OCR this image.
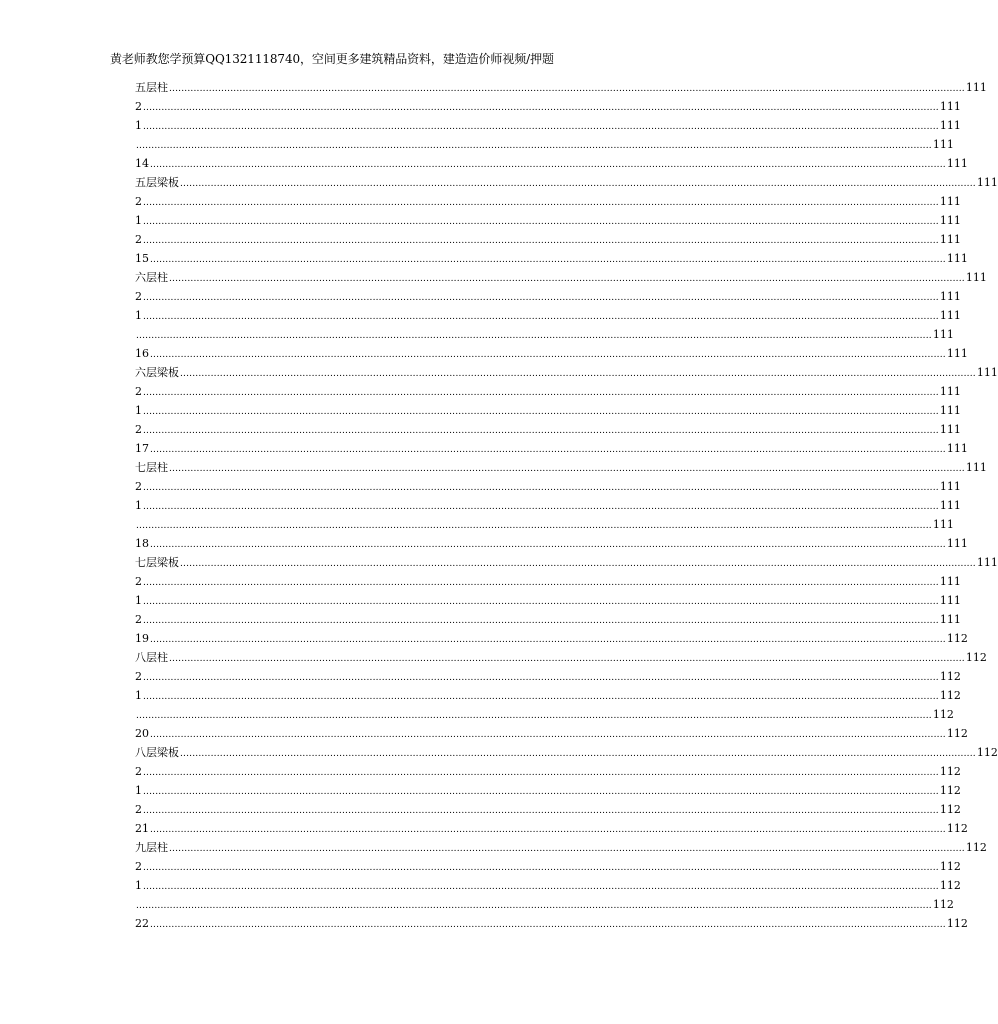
黄老师教您学预算QQ1321118740，空间更多建筑精品资料，建造造价师视频/押题
五层柱 .................................................................................................................................................................................................................................................................... 111
2 .................................................................................................................................................................................................................................................................... 111
1 .................................................................................................................................................................................................................................................................... 111
.................................................................................................................................................................................................................................................................... 111
14 .................................................................................................................................................................................................................................................................... 111
五层梁板 .................................................................................................................................................................................................................................................................... 111
2 .................................................................................................................................................................................................................................................................... 111
1 .................................................................................................................................................................................................................................................................... 111
2 .................................................................................................................................................................................................................................................................... 111
15 .................................................................................................................................................................................................................................................................... 111
六层柱 .................................................................................................................................................................................................................................................................... 111
2 .................................................................................................................................................................................................................................................................... 111
1 .................................................................................................................................................................................................................................................................... 111
.................................................................................................................................................................................................................................................................... 111
16 .................................................................................................................................................................................................................................................................... 111
六层梁板 .................................................................................................................................................................................................................................................................... 111
2 .................................................................................................................................................................................................................................................................... 111
1 .................................................................................................................................................................................................................................................................... 111
2 .................................................................................................................................................................................................................................................................... 111
17 .................................................................................................................................................................................................................................................................... 111
七层柱 .................................................................................................................................................................................................................................................................... 111
2 .................................................................................................................................................................................................................................................................... 111
1 .................................................................................................................................................................................................................................................................... 111
.................................................................................................................................................................................................................................................................... 111
18 .................................................................................................................................................................................................................................................................... 111
七层梁板 .................................................................................................................................................................................................................................................................... 111
2 .................................................................................................................................................................................................................................................................... 111
1 .................................................................................................................................................................................................................................................................... 111
2 .................................................................................................................................................................................................................................................................... 111
19 .................................................................................................................................................................................................................................................................... 112
八层柱 .................................................................................................................................................................................................................................................................... 112
2 .................................................................................................................................................................................................................................................................... 112
1 .................................................................................................................................................................................................................................................................... 112
.................................................................................................................................................................................................................................................................... 112
20 .................................................................................................................................................................................................................................................................... 112
八层梁板 .................................................................................................................................................................................................................................................................... 112
2 .................................................................................................................................................................................................................................................................... 112
1 .................................................................................................................................................................................................................................................................... 112
2 .................................................................................................................................................................................................................................................................... 112
21 .................................................................................................................................................................................................................................................................... 112
九层柱 .................................................................................................................................................................................................................................................................... 112
2 .................................................................................................................................................................................................................................................................... 112
1 .................................................................................................................................................................................................................................................................... 112
.................................................................................................................................................................................................................................................................... 112
22 .................................................................................................................................................................................................................................................................... 112
